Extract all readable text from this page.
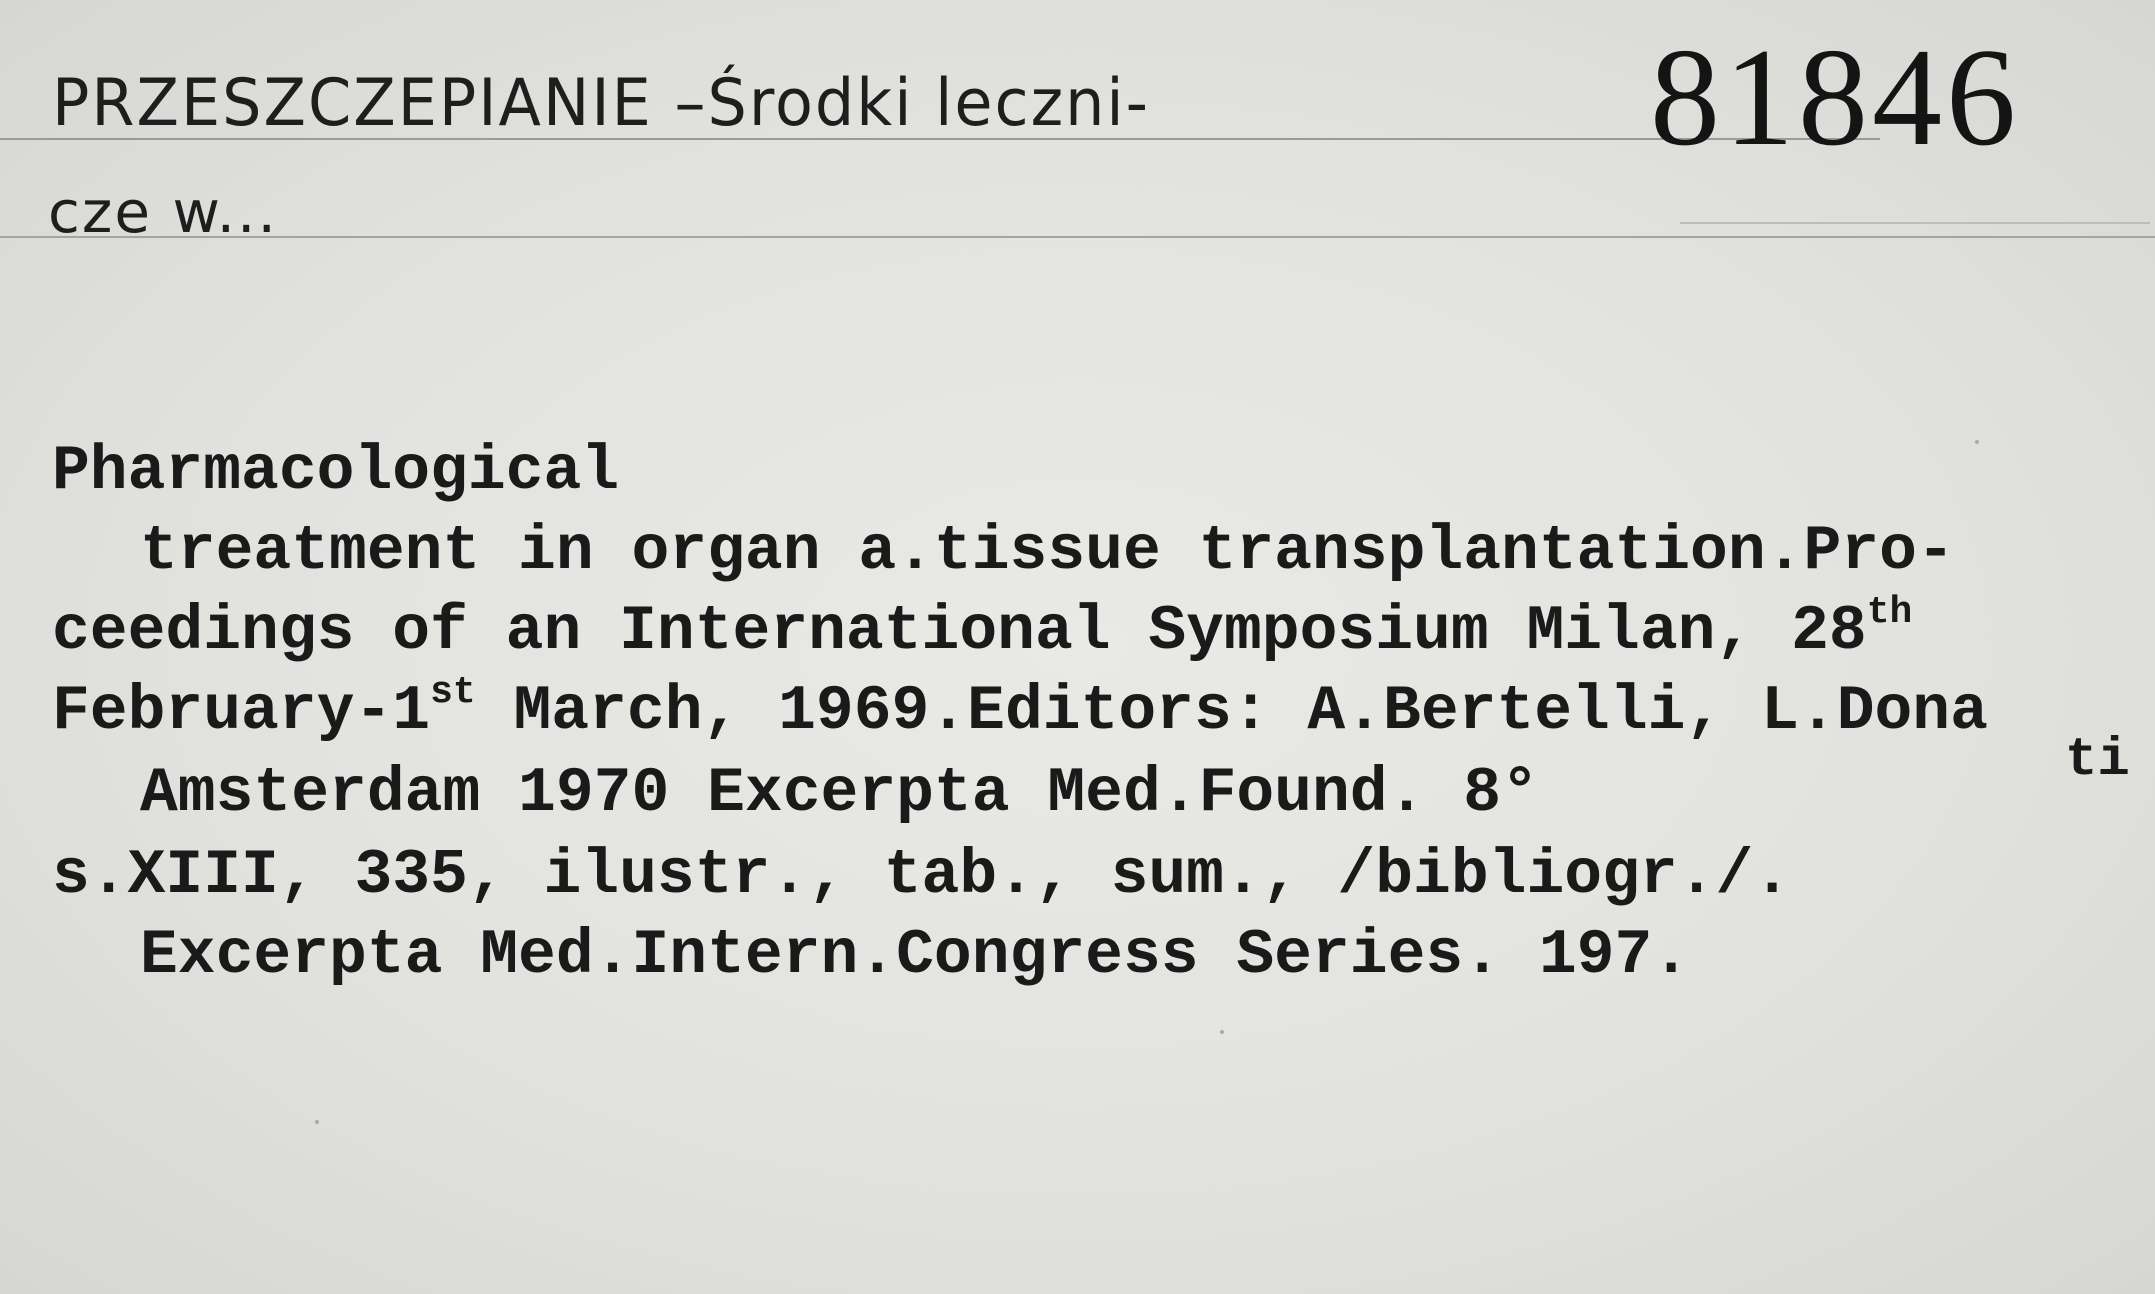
PRZESZCZEPIANIE –Środki leczni-
cze w...
81846
Pharmacological
treatment in organ a.tissue transplantation.Pro-
ceedings of an International Symposium Milan, 28th
February-1st March, 1969.Editors: A.Bertelli, L.Dona
ti
Amsterdam 1970 Excerpta Med.Found. 8°
s.XIII, 335, ilustr., tab., sum., /bibliogr./.
Excerpta Med.Intern.Congress Series. 197.
